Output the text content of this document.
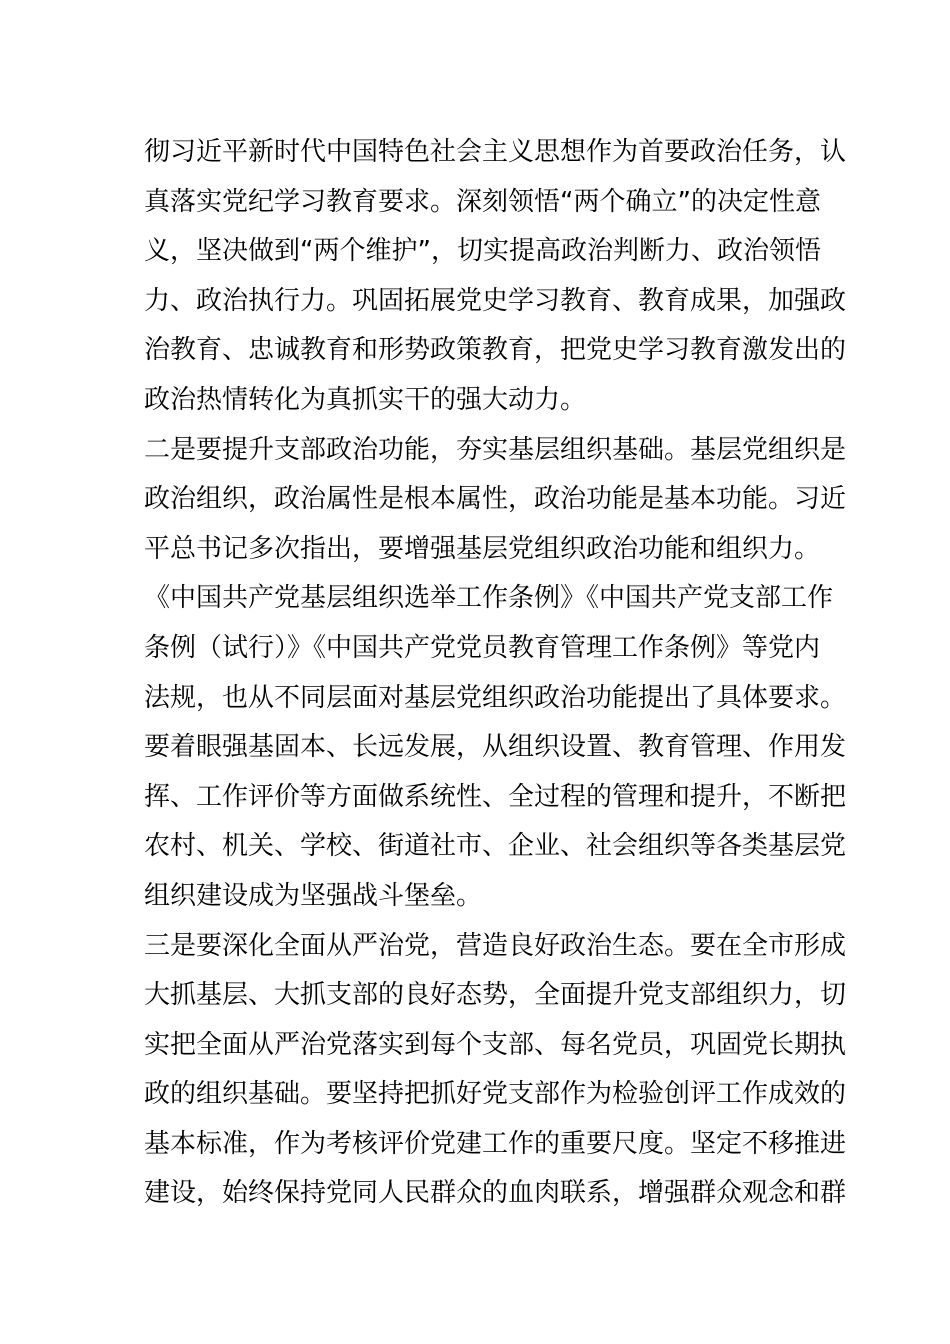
彻习近平新时代中国特色社会主义思想作为首要政治任务，认
真落实党纪学习教育要求。深刻领悟“两个确立”的决定性意
义，坚决做到“两个维护”，切实提高政治判断力、政治领悟
力、政治执行力。巩固拓展党史学习教育、教育成果，加强政
治教育、忠诚教育和形势政策教育，把党史学习教育激发出的
政治热情转化为真抓实干的强大动力。
二是要提升支部政治功能，夯实基层组织基础。基层党组织是
政治组织，政治属性是根本属性，政治功能是基本功能。习近
平总书记多次指出，要增强基层党组织政治功能和组织力。
《中国共产党基层组织选举工作条例》《中国共产党支部工作
条例（试行）》《中国共产党党员教育管理工作条例》等党内
法规，也从不同层面对基层党组织政治功能提出了具体要求。
要着眼强基固本、长远发展，从组织设置、教育管理、作用发
挥、工作评价等方面做系统性、全过程的管理和提升，不断把
农村、机关、学校、街道社市、企业、社会组织等各类基层党
组织建设成为坚强战斗堡垒。
三是要深化全面从严治党，营造良好政治生态。要在全市形成
大抓基层、大抓支部的良好态势，全面提升党支部组织力，切
实把全面从严治党落实到每个支部、每名党员，巩固党长期执
政的组织基础。要坚持把抓好党支部作为检验创评工作成效的
基本标准，作为考核评价党建工作的重要尺度。坚定不移推进
建设，始终保持党同人民群众的血肉联系，增强群众观念和群
